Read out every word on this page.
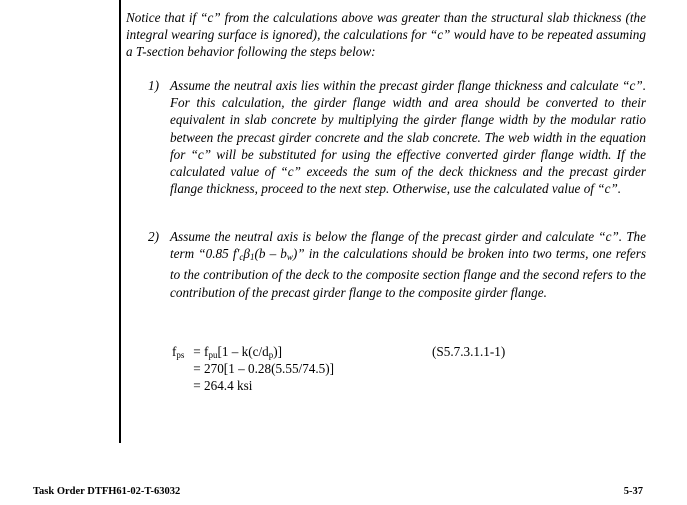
Notice that if “c” from the calculations above was greater than the structural slab thickness (the integral wearing surface is ignored), the calculations for “c” would have to be repeated assuming a T-section behavior following the steps below:

1) Assume the neutral axis lies within the precast girder flange thickness and calculate “c”. For this calculation, the girder flange width and area should be converted to their equivalent in slab concrete by multiplying the girder flange width by the modular ratio between the precast girder concrete and the slab concrete. The web width in the equation for “c” will be substituted for using the effective converted girder flange width. If the calculated value of “c” exceeds the sum of the deck thickness and the precast girder flange thickness, proceed to the next step. Otherwise, use the calculated value of “c”.
2) Assume the neutral axis is below the flange of the precast girder and calculate “c”. The term “0.85 $f'_c\beta_1(b - b_w)$” in the calculations should be broken into two terms, one refers to the contribution of the deck to the composite section flange and the second refers to the contribution of the precast girder flange to the composite girder flange.
$f_{ps} = f_{pu}[1 - k(c/d_p)]$
= 270[1 – 0.28(5.55/74.5)]
= 264.4 ksi
(S5.7.3.1.1-1)
Task Order DTFH61-02-T-63032	5-37
